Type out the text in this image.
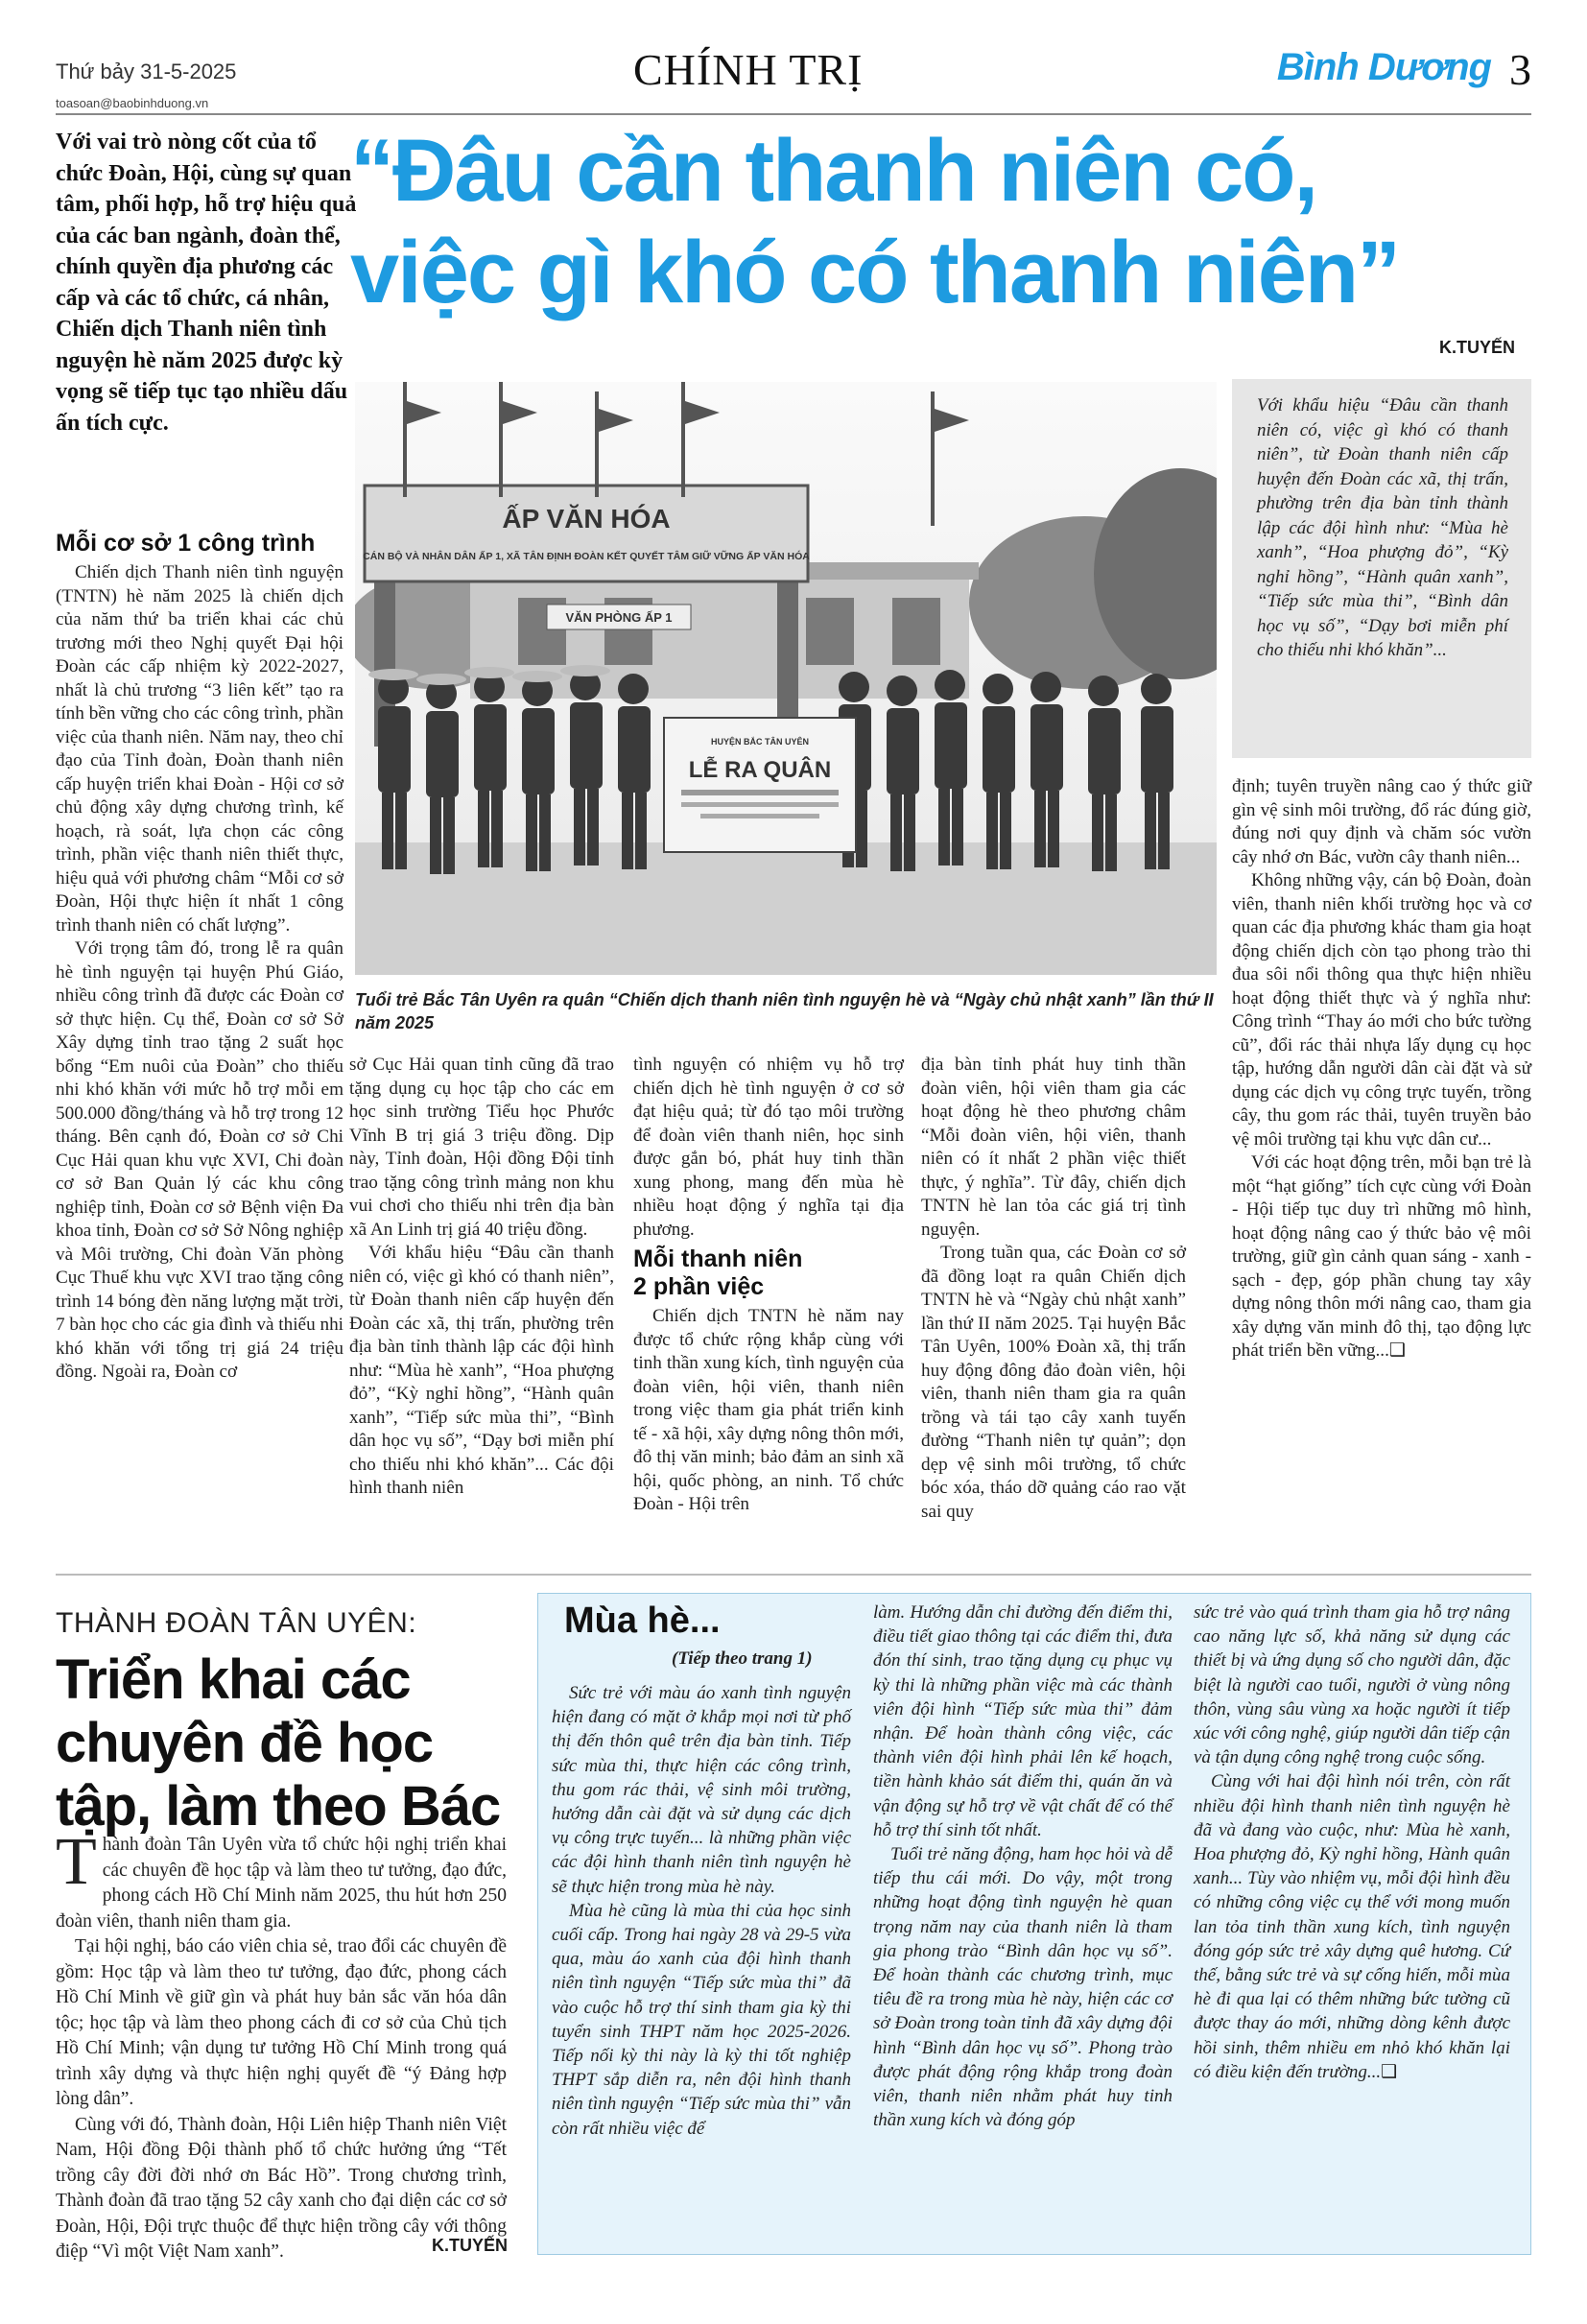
Thứ bảy 31-5-2025
toasoan@baobinhduong.vn
CHÍNH TRỊ	Bình Dương 3
Với vai trò nòng cốt của tổ chức Đoàn, Hội, cùng sự quan tâm, phối hợp, hỗ trợ hiệu quả của các ban ngành, đoàn thể, chính quyền địa phương các cấp và các tổ chức, cá nhân, Chiến dịch Thanh niên tình nguyện hè năm 2025 được kỳ vọng sẽ tiếp tục tạo nhiều dấu ấn tích cực.
“Đâu cần thanh niên có,
việc gì khó có thanh niên”
K.TUYẾN
Với khẩu hiệu “Đâu cần thanh niên có, việc gì khó có thanh niên”, từ Đoàn thanh niên cấp huyện đến Đoàn các xã, thị trấn, phường trên địa bàn tỉnh thành lập các đội hình như: “Mùa hè xanh”, “Hoa phượng đỏ”, “Kỳ nghỉ hồng”, “Hành quân xanh”, “Tiếp sức mùa thi”, “Bình dân học vụ số”, “Dạy bơi miễn phí cho thiếu nhi khó khăn”...
ẤP VĂN HÓA
CÁN BỘ VÀ NHÂN DÂN ẤP 1, XÃ TÂN ĐỊNH ĐOÀN KẾT QUYẾT TÂM GIỮ VỮNG ẤP VĂN HÓA
VĂN PHÒNG ẤP 1
HUYỆN BẮC TÂN UYÊN
LỄ RA QUÂN
Tuổi trẻ Bắc Tân Uyên ra quân “Chiến dịch thanh niên tình nguyện hè và “Ngày chủ nhật xanh” lần thứ II năm 2025

Mỗi cơ sở 1 công trình

Chiến dịch Thanh niên tình nguyện (TNTN) hè năm 2025 là chiến dịch của năm thứ ba triển khai các chủ trương mới theo Nghị quyết Đại hội Đoàn các cấp nhiệm kỳ 2022-2027, nhất là chủ trương “3 liên kết” tạo ra tính bền vững cho các công trình, phần việc của thanh niên. Năm nay, theo chỉ đạo của Tỉnh đoàn, Đoàn thanh niên cấp huyện triển khai Đoàn - Hội cơ sở chủ động xây dựng chương trình, kế hoạch, rà soát, lựa chọn các công trình, phần việc thanh niên thiết thực, hiệu quả với phương châm “Mỗi cơ sở Đoàn, Hội thực hiện ít nhất 1 công trình thanh niên có chất lượng”.

Với trọng tâm đó, trong lễ ra quân hè tình nguyện tại huyện Phú Giáo, nhiều công trình đã được các Đoàn cơ sở thực hiện. Cụ thể, Đoàn cơ sở Sở Xây dựng tỉnh trao tặng 2 suất học bổng “Em nuôi của Đoàn” cho thiếu nhi khó khăn với mức hỗ trợ mỗi em 500.000 đồng/tháng và hỗ trợ trong 12 tháng. Bên cạnh đó, Đoàn cơ sở Chi Cục Hải quan khu vực XVI, Chi đoàn cơ sở Ban Quản lý các khu công nghiệp tỉnh, Đoàn cơ sở Bệnh viện Đa khoa tỉnh, Đoàn cơ sở Sở Nông nghiệp và Môi trường, Chi đoàn Văn phòng Cục Thuế khu vực XVI trao tặng công trình 14 bóng đèn năng lượng mặt trời, 7 bàn học cho các gia đình và thiếu nhi khó khăn với tổng trị giá 24 triệu đồng. Ngoài ra, Đoàn cơ

sở Cục Hải quan tỉnh cũng đã trao tặng dụng cụ học tập cho các em học sinh trường Tiểu học Phước Vĩnh B trị giá 3 triệu đồng. Dịp này, Tỉnh đoàn, Hội đồng Đội tỉnh trao tặng công trình mảng non khu vui chơi cho thiếu nhi trên địa bàn xã An Linh trị giá 40 triệu đồng.

Với khẩu hiệu “Đâu cần thanh niên có, việc gì khó có thanh niên”, từ Đoàn thanh niên cấp huyện đến Đoàn các xã, thị trấn, phường trên địa bàn tỉnh thành lập các đội hình như: “Mùa hè xanh”, “Hoa phượng đỏ”, “Kỳ nghỉ hồng”, “Hành quân xanh”, “Tiếp sức mùa thi”, “Bình dân học vụ số”, “Dạy bơi miễn phí cho thiếu nhi khó khăn”... Các đội hình thanh niên

tình nguyện có nhiệm vụ hỗ trợ chiến dịch hè tình nguyện ở cơ sở đạt hiệu quả; từ đó tạo môi trường để đoàn viên thanh niên, học sinh được gắn bó, phát huy tinh thần xung phong, mang đến mùa hè nhiều hoạt động ý nghĩa tại địa phương.

Mỗi thanh niên
2 phần việc

Chiến dịch TNTN hè năm nay được tổ chức rộng khắp cùng với tinh thần xung kích, tình nguyện của đoàn viên, hội viên, thanh niên trong việc tham gia phát triển kinh tế - xã hội, xây dựng nông thôn mới, đô thị văn minh; bảo đảm an sinh xã hội, quốc phòng, an ninh. Tổ chức Đoàn - Hội trên

địa bàn tỉnh phát huy tinh thần đoàn viên, hội viên tham gia các hoạt động hè theo phương châm “Mỗi đoàn viên, hội viên, thanh niên có ít nhất 2 phần việc thiết thực, ý nghĩa”. Từ đây, chiến dịch TNTN hè lan tỏa các giá trị tình nguyện.

Trong tuần qua, các Đoàn cơ sở đã đồng loạt ra quân Chiến dịch TNTN hè và “Ngày chủ nhật xanh” lần thứ II năm 2025. Tại huyện Bắc Tân Uyên, 100% Đoàn xã, thị trấn huy động đông đảo đoàn viên, hội viên, thanh niên tham gia ra quân trồng và tái tạo cây xanh tuyến đường “Thanh niên tự quản”; dọn dẹp vệ sinh môi trường, tổ chức bóc xóa, tháo dỡ quảng cáo rao vặt sai quy

định; tuyên truyền nâng cao ý thức giữ gìn vệ sinh môi trường, đổ rác đúng giờ, đúng nơi quy định và chăm sóc vườn cây nhớ ơn Bác, vườn cây thanh niên...

Không những vậy, cán bộ Đoàn, đoàn viên, thanh niên khối trường học và cơ quan các địa phương khác tham gia hoạt động chiến dịch còn tạo phong trào thi đua sôi nổi thông qua thực hiện nhiều hoạt động thiết thực và ý nghĩa như: Công trình “Thay áo mới cho bức tường cũ”, đổi rác thải nhựa lấy dụng cụ học tập, hướng dẫn người dân cài đặt và sử dụng các dịch vụ công trực tuyến, trồng cây, thu gom rác thải, tuyên truyền bảo vệ môi trường tại khu vực dân cư...

Với các hoạt động trên, mỗi bạn trẻ là một “hạt giống” tích cực cùng với Đoàn - Hội tiếp tục duy trì những mô hình, hoạt động nâng cao ý thức bảo vệ môi trường, giữ gìn cảnh quan sáng - xanh - sạch - đẹp, góp phần chung tay xây dựng nông thôn mới nâng cao, tham gia xây dựng văn minh đô thị, tạo động lực phát triển bền vững...❑

THÀNH ĐOÀN TÂN UYÊN:
Triển khai các chuyên đề học tập, làm theo Bác

Thành đoàn Tân Uyên vừa tổ chức hội nghị triển khai các chuyên đề học tập và làm theo tư tưởng, đạo đức, phong cách Hồ Chí Minh năm 2025, thu hút hơn 250 đoàn viên, thanh niên tham gia.

Tại hội nghị, báo cáo viên chia sẻ, trao đổi các chuyên đề gồm: Học tập và làm theo tư tưởng, đạo đức, phong cách Hồ Chí Minh về giữ gìn và phát huy bản sắc văn hóa dân tộc; học tập và làm theo phong cách đi cơ sở của Chủ tịch Hồ Chí Minh; vận dụng tư tưởng Hồ Chí Minh trong quá trình xây dựng và thực hiện nghị quyết đề “ý Đảng hợp lòng dân”.

Cùng với đó, Thành đoàn, Hội Liên hiệp Thanh niên Việt Nam, Hội đồng Đội thành phố tổ chức hưởng ứng “Tết trồng cây đời đời nhớ ơn Bác Hồ”. Trong chương trình, Thành đoàn đã trao tặng 52 cây xanh cho đại diện các cơ sở Đoàn, Hội, Đội trực thuộc để thực hiện trồng cây với thông điệp “Vì một Việt Nam xanh”.	K.TUYẾN
Mùa hè...
(Tiếp theo trang 1)

Sức trẻ với màu áo xanh tình nguyện hiện đang có mặt ở khắp mọi nơi từ phố thị đến thôn quê trên địa bàn tỉnh. Tiếp sức mùa thi, thực hiện các công trình, thu gom rác thải, vệ sinh môi trường, hướng dẫn cài đặt và sử dụng các dịch vụ công trực tuyến... là những phần việc các đội hình thanh niên tình nguyện hè sẽ thực hiện trong mùa hè này.

Mùa hè cũng là mùa thi của học sinh cuối cấp. Trong hai ngày 28 và 29-5 vừa qua, màu áo xanh của đội hình thanh niên tình nguyện “Tiếp sức mùa thi” đã vào cuộc hỗ trợ thí sinh tham gia kỳ thi tuyển sinh THPT năm học 2025-2026. Tiếp nối kỳ thi này là kỳ thi tốt nghiệp THPT sắp diễn ra, nên đội hình thanh niên tình nguyện “Tiếp sức mùa thi” vẫn còn rất nhiều việc để

làm. Hướng dẫn chỉ đường đến điểm thi, điều tiết giao thông tại các điểm thi, đưa đón thí sinh, trao tặng dụng cụ phục vụ kỳ thi là những phần việc mà các thành viên đội hình “Tiếp sức mùa thi” đảm nhận. Để hoàn thành công việc, các thành viên đội hình phải lên kế hoạch, tiền hành khảo sát điểm thi, quán ăn và vận động sự hỗ trợ về vật chất để có thể hỗ trợ thí sinh tốt nhất.

Tuổi trẻ năng động, ham học hỏi và dễ tiếp thu cái mới. Do vậy, một trong những hoạt động tình nguyện hè quan trọng năm nay của thanh niên là tham gia phong trào “Bình dân học vụ số”. Để hoàn thành các chương trình, mục tiêu đề ra trong mùa hè này, hiện các cơ sở Đoàn trong toàn tỉnh đã xây dựng đội hình “Bình dân học vụ số”. Phong trào được phát động rộng khắp trong đoàn viên, thanh niên nhằm phát huy tinh thần xung kích và đóng góp

sức trẻ vào quá trình tham gia hỗ trợ nâng cao năng lực số, khả năng sử dụng các thiết bị và ứng dụng số cho người dân, đặc biệt là người cao tuổi, người ở vùng nông thôn, vùng sâu vùng xa hoặc người ít tiếp xúc với công nghệ, giúp người dân tiếp cận và tận dụng công nghệ trong cuộc sống.

Cùng với hai đội hình nói trên, còn rất nhiều đội hình thanh niên tình nguyện hè đã và đang vào cuộc, như: Mùa hè xanh, Hoa phượng đỏ, Kỳ nghỉ hồng, Hành quân xanh... Tùy vào nhiệm vụ, mỗi đội hình đều có những công việc cụ thể với mong muốn lan tỏa tinh thần xung kích, tình nguyện đóng góp sức trẻ xây dựng quê hương. Cứ thế, bằng sức trẻ và sự cống hiến, mỗi mùa hè đi qua lại có thêm những bức tường cũ được thay áo mới, những dòng kênh được hồi sinh, thêm nhiều em nhỏ khó khăn lại có điều kiện đến trường...❑
